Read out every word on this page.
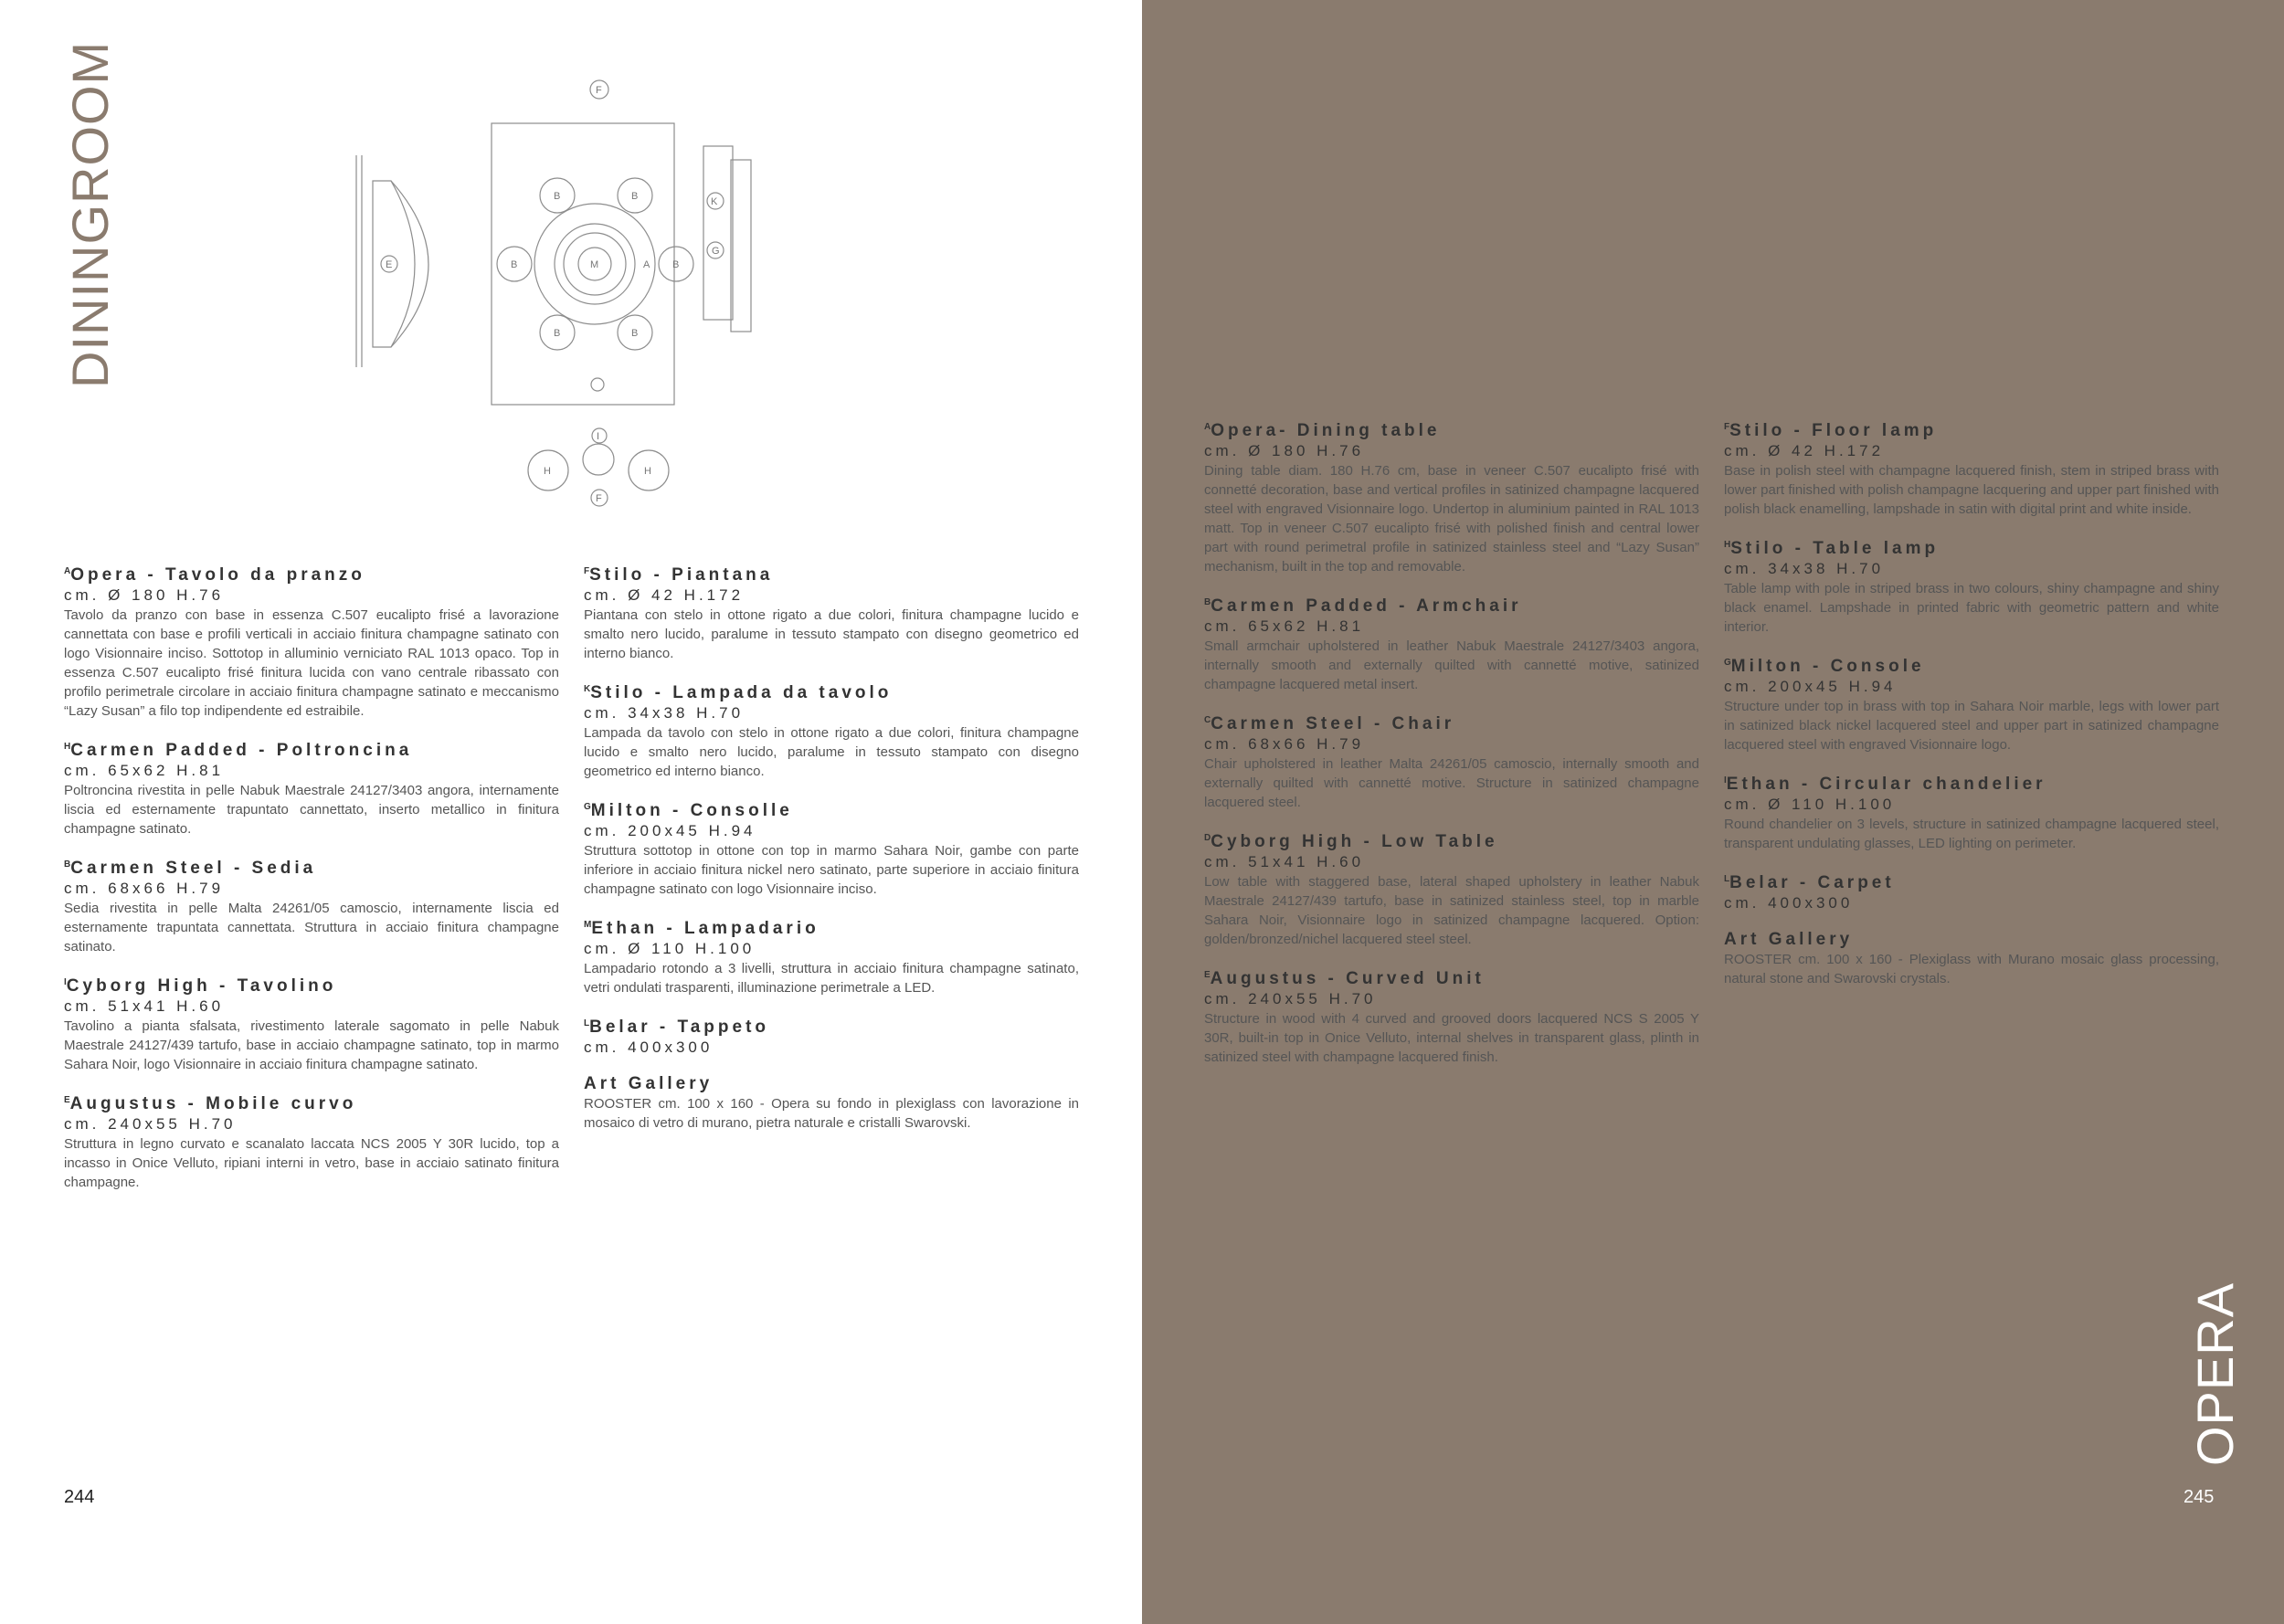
DININGROOM	F
K
G
E
B	B
B	B
B	B
M	A
I
H	H
F
$^A$Opera - Tavolo da pranzo
cm. Ø 180 H.76

Tavolo da pranzo con base in essenza C.507 eucalipto frisé a lavorazione cannettata con base e profili verticali in acciaio finitura champagne satinato con logo Visionnaire inciso. Sottotop in alluminio verniciato RAL 1013 opaco. Top in essenza C.507 eucalipto frisé finitura lucida con vano centrale ribassato con profilo perimetrale circolare in acciaio finitura champagne satinato e meccanismo “Lazy Susan” a filo top indipendente ed estraibile.

$^H$Carmen Padded - Poltroncina
cm. 65x62 H.81

Poltroncina rivestita in pelle Nabuk Maestrale 24127/3403 angora, internamente liscia ed esternamente trapuntato cannettato, inserto metallico in finitura champagne satinato.

$^B$Carmen Steel - Sedia
cm. 68x66 H.79

Sedia rivestita in pelle Malta 24261/05 camoscio, internamente liscia ed esternamente trapuntata cannettata. Struttura in acciaio finitura champagne satinato.

$^I$Cyborg High - Tavolino
cm. 51x41 H.60

Tavolino a pianta sfalsata, rivestimento laterale sagomato in pelle Nabuk Maestrale 24127/439 tartufo, base in acciaio champagne satinato, top in marmo Sahara Noir, logo Visionnaire in acciaio finitura champagne satinato.

$^E$Augustus - Mobile curvo
cm. 240x55 H.70

Struttura in legno curvato e scanalato laccata NCS 2005 Y 30R lucido, top a incasso in Onice Velluto, ripiani interni in vetro, base in acciaio satinato finitura champagne.

$^F$Stilo - Piantana
cm. Ø 42 H.172

Piantana con stelo in ottone rigato a due colori, finitura champagne lucido e smalto nero lucido, paralume in tessuto stampato con disegno geometrico ed interno bianco.

$^K$Stilo - Lampada da tavolo
cm. 34x38 H.70

Lampada da tavolo con stelo in ottone rigato a due colori, finitura champagne lucido e smalto nero lucido, paralume in tessuto stampato con disegno geometrico ed interno bianco.

$^G$Milton - Consolle
cm. 200x45 H.94

Struttura sottotop in ottone con top in marmo Sahara Noir, gambe con parte inferiore in acciaio finitura nickel nero satinato, parte superiore in acciaio finitura champagne satinato con logo Visionnaire inciso.

$^M$Ethan - Lampadario
cm. Ø 110 H.100

Lampadario rotondo a 3 livelli, struttura in acciaio finitura champagne satinato, vetri ondulati trasparenti, illuminazione perimetrale a LED.

$^L$Belar - Tappeto
cm. 400x300
Art Gallery

ROOSTER cm. 100 x 160 - Opera su fondo in plexiglass con lavorazione in mosaico di vetro di murano, pietra naturale e cristalli Swarovski.

244
$^A$Opera- Dining table
cm. Ø 180 H.76

Dining table diam. 180 H.76 cm, base in veneer C.507 eucalipto frisé with connetté decoration, base and vertical profiles in satinized champagne lacquered steel with engraved Visionnaire logo. Undertop in aluminium painted in RAL 1013 matt. Top in veneer C.507 eucalipto frisé with polished finish and central lower part with round perimetral profile in satinized stainless steel and “Lazy Susan” mechanism, built in the top and removable.

$^B$Carmen Padded - Armchair
cm. 65x62 H.81

Small armchair upholstered in leather Nabuk Maestrale 24127/3403 angora, internally smooth and externally quilted with cannetté motive, satinized champagne lacquered metal insert.

$^C$Carmen Steel - Chair
cm. 68x66 H.79

Chair upholstered in leather Malta 24261/05 camoscio, internally smooth and externally quilted with cannetté motive. Structure in satinized champagne lacquered steel.

$^D$Cyborg High - Low Table
cm. 51x41 H.60

Low table with staggered base, lateral shaped upholstery in leather Nabuk Maestrale 24127/439 tartufo, base in satinized stainless steel, top in marble Sahara Noir, Visionnaire logo in satinized champagne lacquered. Option: golden/bronzed/nichel lacquered steel steel.

$^E$Augustus - Curved Unit
cm. 240x55 H.70

Structure in wood with 4 curved and grooved doors lacquered NCS S 2005 Y 30R, built-in top in Onice Velluto, internal shelves in transparent glass, plinth in satinized steel with champagne lacquered finish.

$^F$Stilo - Floor lamp
cm. Ø 42 H.172

Base in polish steel with champagne lacquered finish, stem in striped brass with lower part finished with polish champagne lacquering and upper part finished with polish black enamelling, lampshade in satin with digital print and white inside.

$^H$Stilo - Table lamp
cm. 34x38 H.70

Table lamp with pole in striped brass in two colours, shiny champagne and shiny black enamel. Lampshade in printed fabric with geometric pattern and white interior.

$^G$Milton - Console
cm. 200x45 H.94

Structure under top in brass with top in Sahara Noir marble, legs with lower part in satinized black nickel lacquered steel and upper part in satinized champagne lacquered steel with engraved Visionnaire logo.

$^I$Ethan - Circular chandelier
cm. Ø 110 H.100

Round chandelier on 3 levels, structure in satinized champagne lacquered steel, transparent undulating glasses, LED lighting on perimeter.

$^L$Belar - Carpet
cm. 400x300
Art Gallery

ROOSTER cm. 100 x 160 - Plexiglass with Murano mosaic glass processing, natural stone and Swarovski crystals.

OPERA
245
